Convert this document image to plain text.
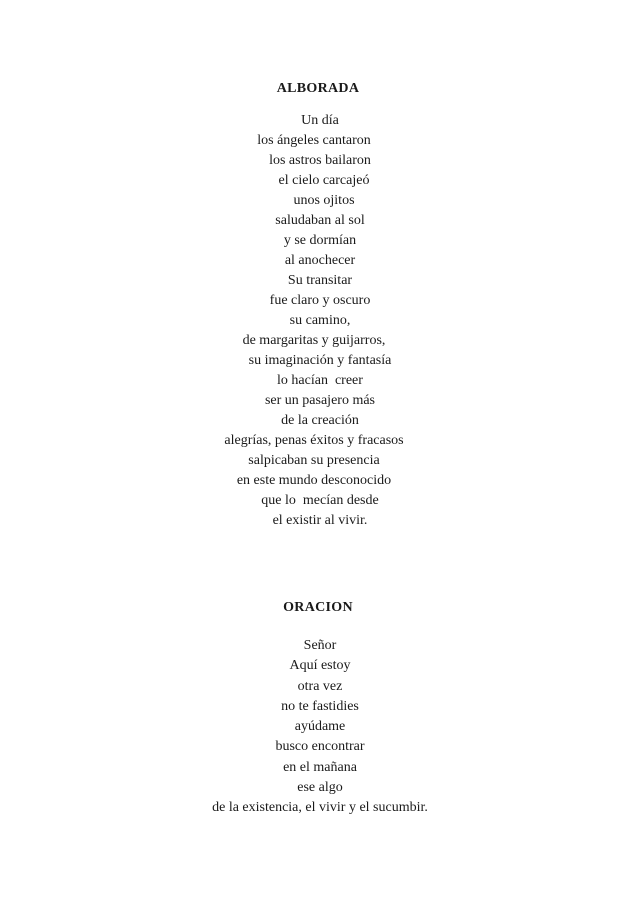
ALBORADA
Un día
los ángeles cantaron
los astros bailaron
el cielo carcajeó
unos ojitos
saludaban al sol
y se dormían
al anochecer
Su transitar
fue claro y oscuro
su camino,
de margaritas y guijarros,
su imaginación y fantasía
lo hacían  creer
ser un pasajero más
de la creación
alegrías, penas éxitos y fracasos
salpicaban su presencia
en este mundo desconocido
que lo  mecían desde
el existir al vivir.
ORACION
Señor
Aquí estoy
otra vez
no te fastidies
ayúdame
busco encontrar
en el mañana
ese algo
de la existencia, el vivir y el sucumbir.
